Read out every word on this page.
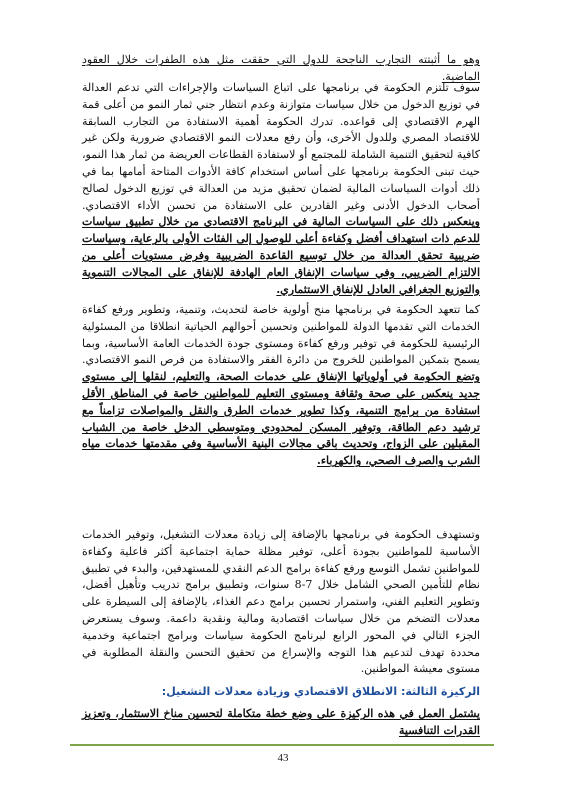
وهو ما أثبتته التجارب الناجحة للدول التي حققت مثل هذه الطفرات خلال العقود الماضية.
سوف تلتزم الحكومة في برنامجها على اتباع السياسات والإجراءات التي تدعم العدالة في توزيع الدخول من خلال سياسات متوازنة وعدم انتظار جني ثمار النمو من أعلى قمة الهرم الاقتصادي إلى قواعده. تدرك الحكومة أهمية الاستفادة من التجارب السابقة للاقتصاد المصري وللدول الأخرى، وأن رفع معدلات النمو الاقتصادي ضرورية ولكن غير كافية لتحقيق التنمية الشاملة للمجتمع أو لاستفادة القطاعات العريضة من ثمار هذا النمو، حيث تبنى الحكومة برنامجها على أساس استخدام كافة الأدوات المتاحة أمامها بما في ذلك أدوات السياسات المالية لضمان تحقيق مزيد من العدالة في توزيع الدخول لصالح أصحاب الدخول الأدنى وغير القادرين على الاستفادة من تحسن الأداء الاقتصادي. وينعكس ذلك على السياسات المالية في البرنامج الاقتصادي من خلال تطبيق سياسات للدعم ذات استهداف أفضل وكفاءة أعلى للوصول إلى الفئات الأولى بالرعاية، وسياسات ضريبية تحقق العدالة من خلال توسيع القاعدة الضريبية وفرض مستويات أعلى من الالتزام الضريبي، وفي سياسات الإنفاق العام الهادفة للإنفاق على المجالات التنموية والتوزيع الجغرافي العادل للإنفاق الاستثماري.
كما تتعهد الحكومة في برنامجها منح أولوية خاصة لتحديث، وتنمية، وتطوير ورفع كفاءة الخدمات التي تقدمها الدولة للمواطنين وتحسين أحوالهم الحياتية انطلاقا من المسئولية الرئيسية للحكومة في توفير ورفع كفاءة ومستوى جودة الخدمات العامة الأساسية، وبما يسمح بتمكين المواطنين للخروج من دائرة الفقر والاستفادة من فرص النمو الاقتصادي. وتضع الحكومة في أولوياتها الإنفاق على خدمات الصحة، والتعليم، لنقلها إلى مستوى جديد ينعكس على صحة وثقافة ومستوى التعليم للمواطنين خاصة في المناطق الأقل استفادة من برامج التنمية، وكذا تطوير خدمات الطرق والنقل والمواصلات تزامناً مع ترشيد دعم الطاقة، وتوفير المسكن لمحدودي ومتوسطي الدخل خاصة من الشباب المقبلين على الزواج، وتحديث باقي مجالات البنية الأساسية وفي مقدمتها خدمات مياه الشرب والصرف الصحي، والكهرباء.
وتستهدف الحكومة في برنامجها بالإضافة إلى زيادة معدلات التشغيل، وتوفير الخدمات الأساسية للمواطنين بجودة أعلى، توفير مظلة حماية اجتماعية أكثر فاعلية وكفاءة للمواطنين تشمل التوسع ورفع كفاءة برامج الدعم النقدي للمستهدفين، والبدء في تطبيق نظام للتأمين الصحي الشامل خلال 7-8 سنوات، وتطبيق برامج تدريب وتأهيل أفضل، وتطوير التعليم الفني، واستمرار تحسين برامج دعم الغذاء، بالإضافة إلى السيطرة على معدلات التضخم من خلال سياسات اقتصادية ومالية ونقدية داعمة. وسوف يستعرض الجزء التالي في المحور الرابع لبرنامج الحكومة سياسات وبرامج اجتماعية وخدمية محددة تهدف لتدعيم هذا التوجه والإسراع من تحقيق التحسن والنقلة المطلوبة في مستوى معيشة المواطنين.
الركيزة الثالثة: الانطلاق الاقتصادي وزيادة معدلات التشغيل:
يشتمل العمل في هذه الركيزة على وضع خطة متكاملة لتحسين مناخ الاستثمار، وتعزيز القدرات التنافسية
43
